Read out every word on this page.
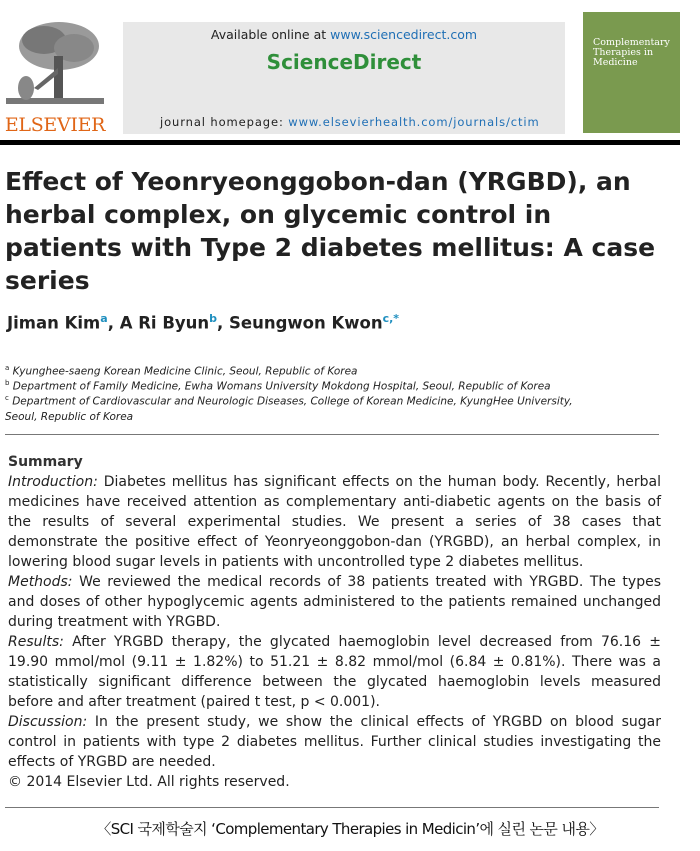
ELSEVIER
Available online at www.sciencedirect.com
ScienceDirect
journal homepage: www.elsevierhealth.com/journals/ctim
Complementary Therapies in Medicine
Effect of Yeonryeonggobon-dan (YRGBD), an herbal complex, on glycemic control in patients with Type 2 diabetes mellitus: A case series
Jiman Kim$^a$, A Ri Byun$^b$, Seungwon Kwon$^{c,*}$
$^a$ Kyunghee-saeng Korean Medicine Clinic, Seoul, Republic of Korea
$^b$ Department of Family Medicine, Ewha Womans University Mokdong Hospital, Seoul, Republic of Korea
$^c$ Department of Cardiovascular and Neurologic Diseases, College of Korean Medicine, KyungHee University, Seoul, Republic of Korea
Summary

Introduction: Diabetes mellitus has significant effects on the human body. Recently, herbal medicines have received attention as complementary anti-diabetic agents on the basis of the results of several experimental studies. We present a series of 38 cases that demonstrate the positive effect of Yeonryeonggobon-dan (YRGBD), an herbal complex, in lowering blood sugar levels in patients with uncontrolled type 2 diabetes mellitus.

Methods: We reviewed the medical records of 38 patients treated with YRGBD. The types and doses of other hypoglycemic agents administered to the patients remained unchanged during treatment with YRGBD.

Results: After YRGBD therapy, the glycated haemoglobin level decreased from 76.16 ± 19.90 mmol/mol (9.11 ± 1.82%) to 51.21 ± 8.82 mmol/mol (6.84 ± 0.81%). There was a statistically significant difference between the glycated haemoglobin levels measured before and after treatment (paired t test, p < 0.001).

Discussion: In the present study, we show the clinical effects of YRGBD on blood sugar control in patients with type 2 diabetes mellitus. Further clinical studies investigating the effects of YRGBD are needed.

© 2014 Elsevier Ltd. All rights reserved.

〈SCI 국제학술지 ‘Complementary Therapies in Medicin’에 실린 논문 내용〉
